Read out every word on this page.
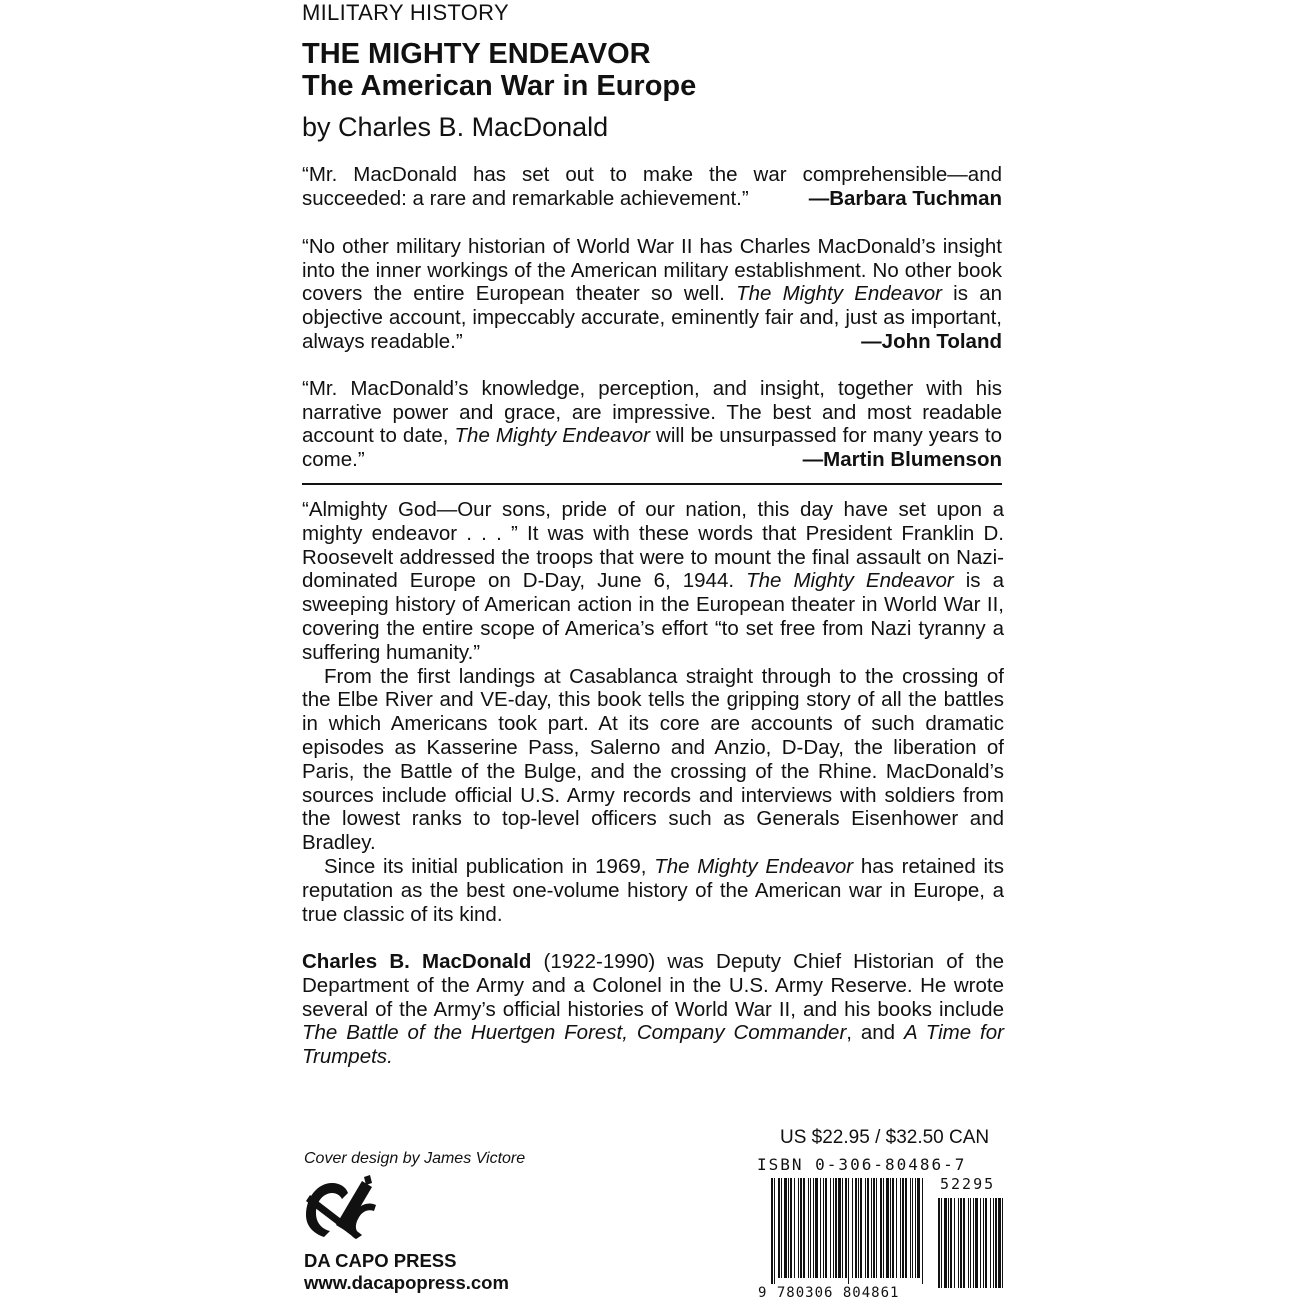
MILITARY HISTORY
THE MIGHTY ENDEAVOR
The American War in Europe
by Charles B. MacDonald
“Mr. MacDonald has set out to make the war comprehensible—and succeeded: a rare and remarkable achievement.”	—Barbara Tuchman
“No other military historian of World War II has Charles MacDonald’s insight into the inner workings of the American military establishment. No other book covers the entire European theater so well. The Mighty Endeavor is an objective account, impeccably accurate, eminently fair and, just as important, always readable.”	—John Toland
“Mr. MacDonald’s knowledge, perception, and insight, together with his narrative power and grace, are impressive. The best and most readable account to date, The Mighty Endeavor will be unsurpassed for many years to come.”	—Martin Blumenson

“Almighty God—Our sons, pride of our nation, this day have set upon a mighty endeavor . . . ” It was with these words that President Franklin D. Roosevelt addressed the troops that were to mount the final assault on Nazi-dominated Europe on D-Day, June 6, 1944. The Mighty Endeavor is a sweeping history of American action in the European theater in World War II, covering the entire scope of America’s effort “to set free from Nazi tyranny a suffering humanity.”

From the first landings at Casablanca straight through to the crossing of the Elbe River and VE-day, this book tells the gripping story of all the battles in which Americans took part. At its core are accounts of such dramatic episodes as Kasserine Pass, Salerno and Anzio, D-Day, the liberation of Paris, the Battle of the Bulge, and the crossing of the Rhine. MacDonald’s sources include official U.S. Army records and interviews with soldiers from the lowest ranks to top-level officers such as Generals Eisenhower and Bradley.

Since its initial publication in 1969, The Mighty Endeavor has retained its reputation as the best one-volume history of the American war in Europe, a true classic of its kind.

Charles B. MacDonald (1922-1990) was Deputy Chief Historian of the Department of the Army and a Colonel in the U.S. Army Reserve. He wrote several of the Army’s official histories of World War II, and his books include The Battle of the Huertgen Forest, Company Commander, and A Time for Trumpets.

Cover design by James Victore
DA CAPO PRESS
www.dacapopress.com
US $22.95 / $32.50 CAN
ISBN 0-306-80486-7
52295
9 780306 804861
